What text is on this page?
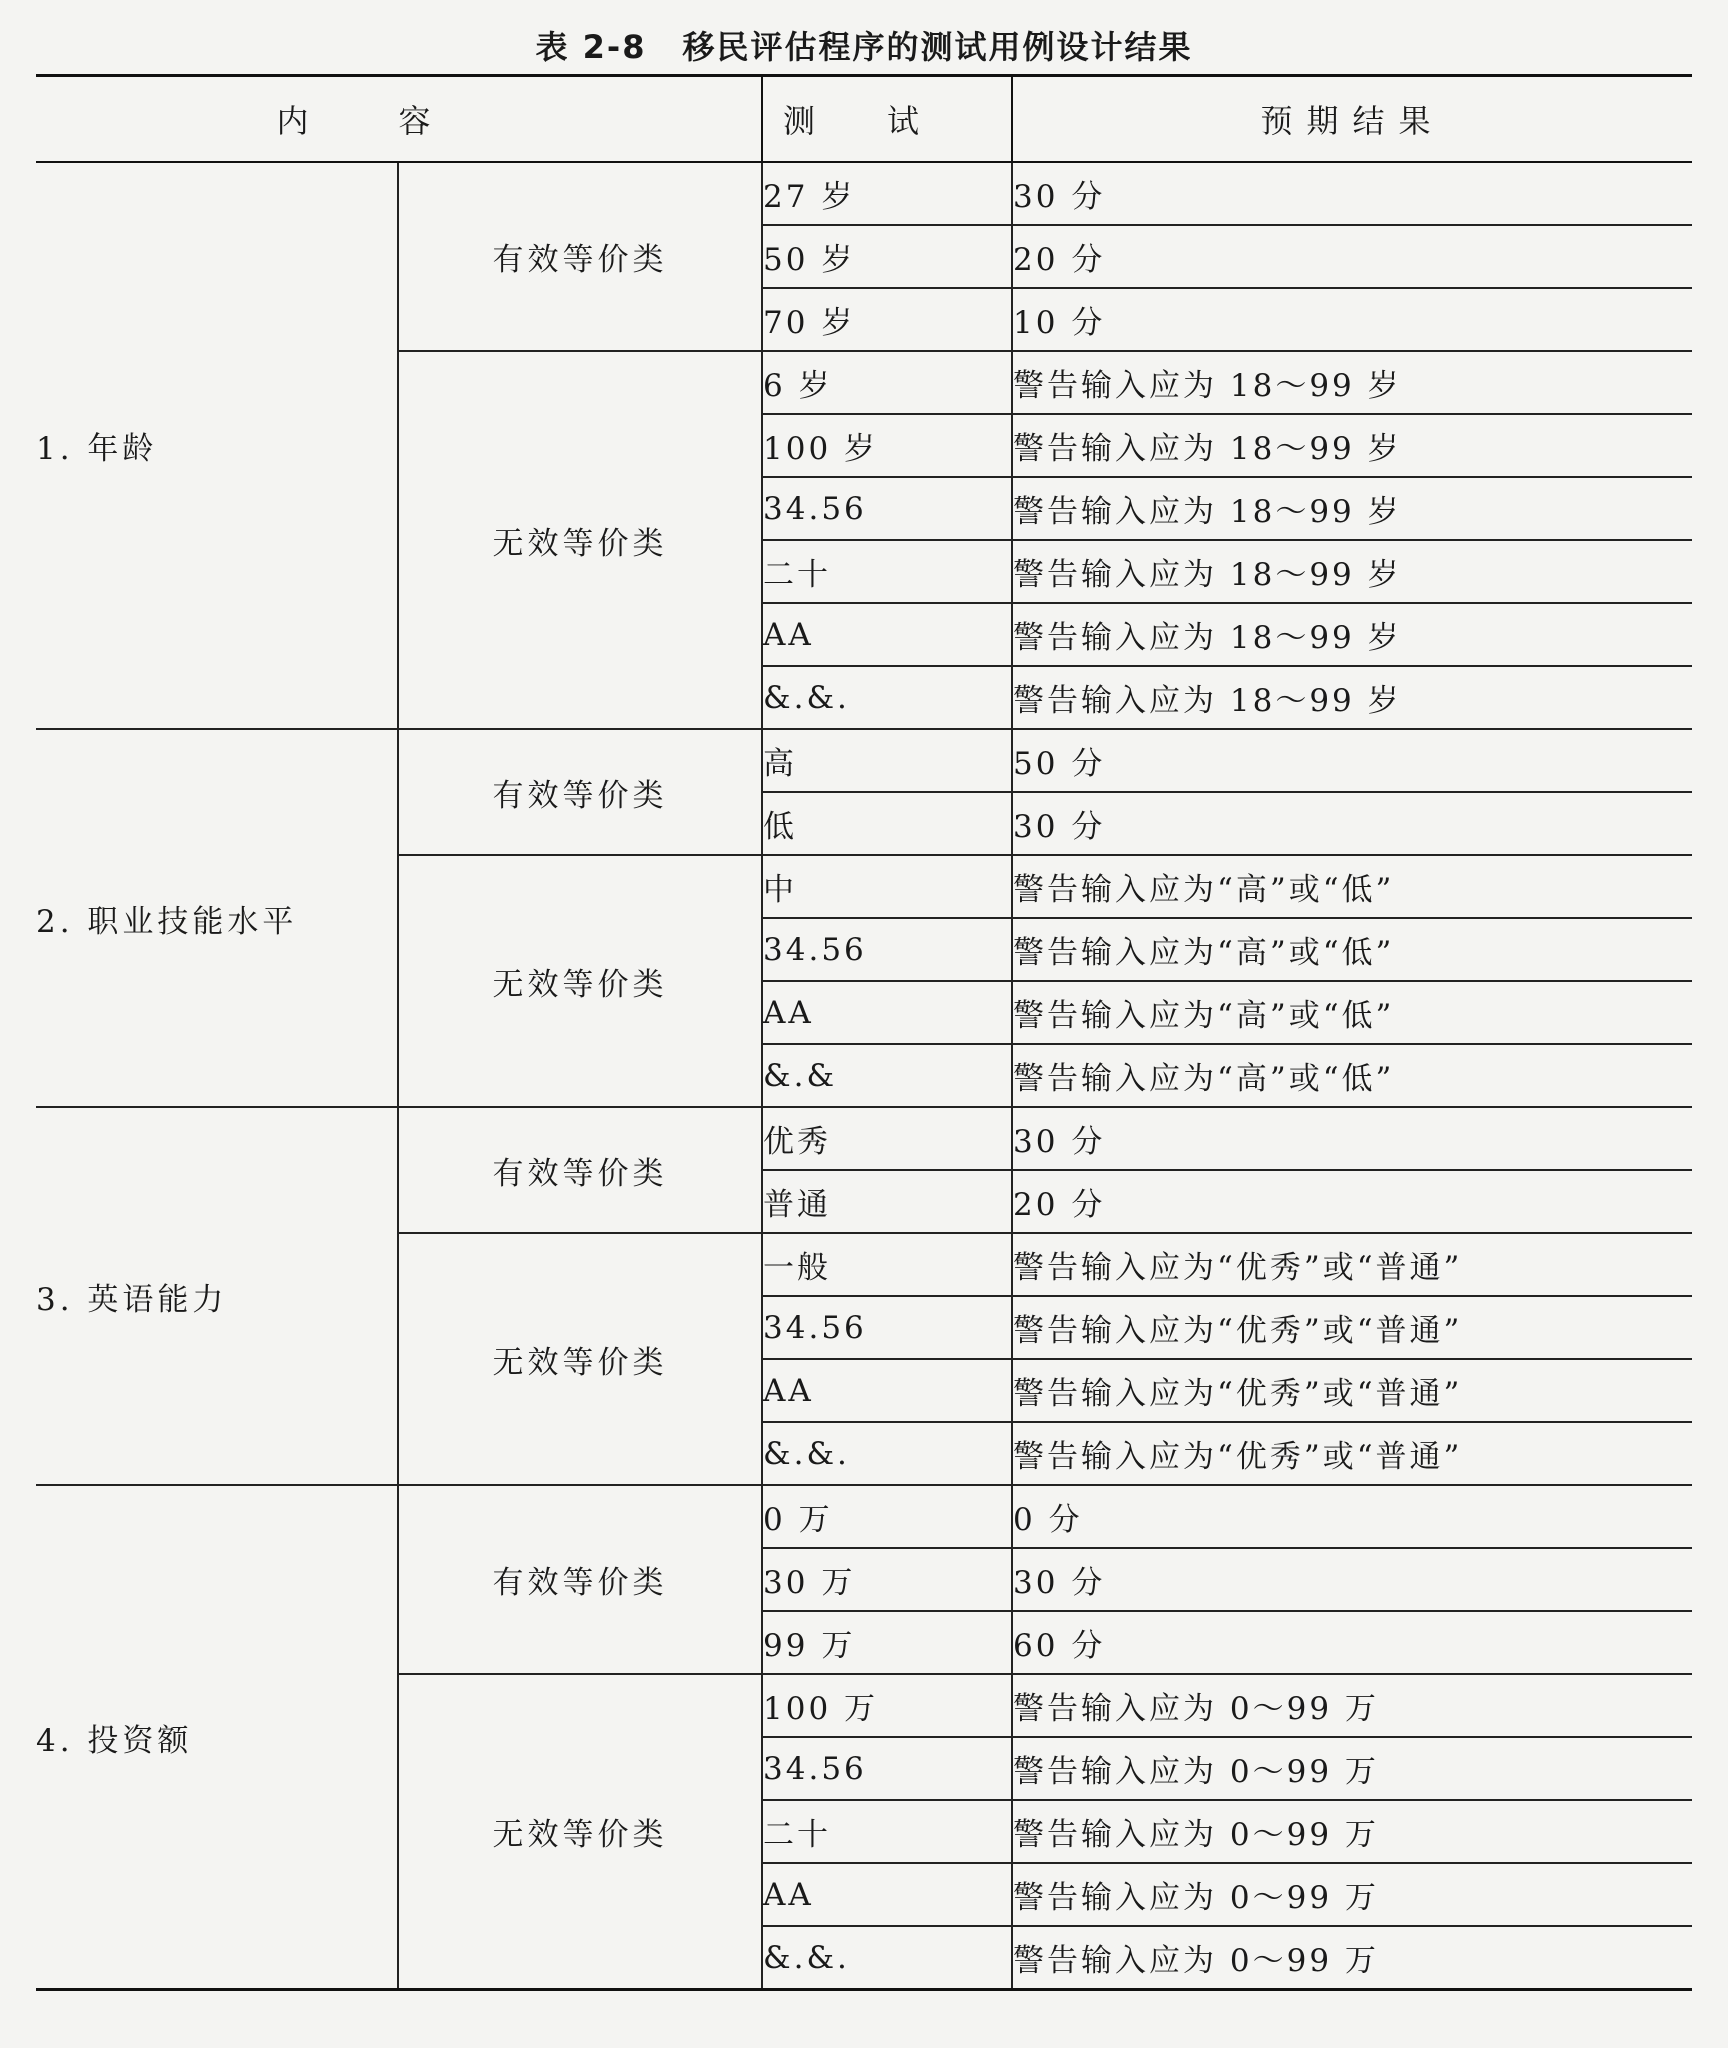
表 2-8 移民评估程序的测试用例设计结果
内容		测试	预期结果
1. 年龄	有效等价类	27 岁	30 分
		50 岁	20 分
		70 岁	10 分
	无效等价类	6 岁	警告输入应为 18～99 岁
		100 岁	警告输入应为 18～99 岁
		34.56	警告输入应为 18～99 岁
		二十	警告输入应为 18～99 岁
		AA	警告输入应为 18～99 岁
		&.&.	警告输入应为 18～99 岁
2. 职业技能水平	有效等价类	高	50 分
		低	30 分
	无效等价类	中	警告输入应为“高”或“低”
		34.56	警告输入应为“高”或“低”
		AA	警告输入应为“高”或“低”
		&.&	警告输入应为“高”或“低”
3. 英语能力	有效等价类	优秀	30 分
		普通	20 分
	无效等价类	一般	警告输入应为“优秀”或“普通”
		34.56	警告输入应为“优秀”或“普通”
		AA	警告输入应为“优秀”或“普通”
		&.&.	警告输入应为“优秀”或“普通”
4. 投资额	有效等价类	0 万	0 分
		30 万	30 分
		99 万	60 分
	无效等价类	100 万	警告输入应为 0～99 万
		34.56	警告输入应为 0～99 万
		二十	警告输入应为 0～99 万
		AA	警告输入应为 0～99 万
		&.&.	警告输入应为 0～99 万
